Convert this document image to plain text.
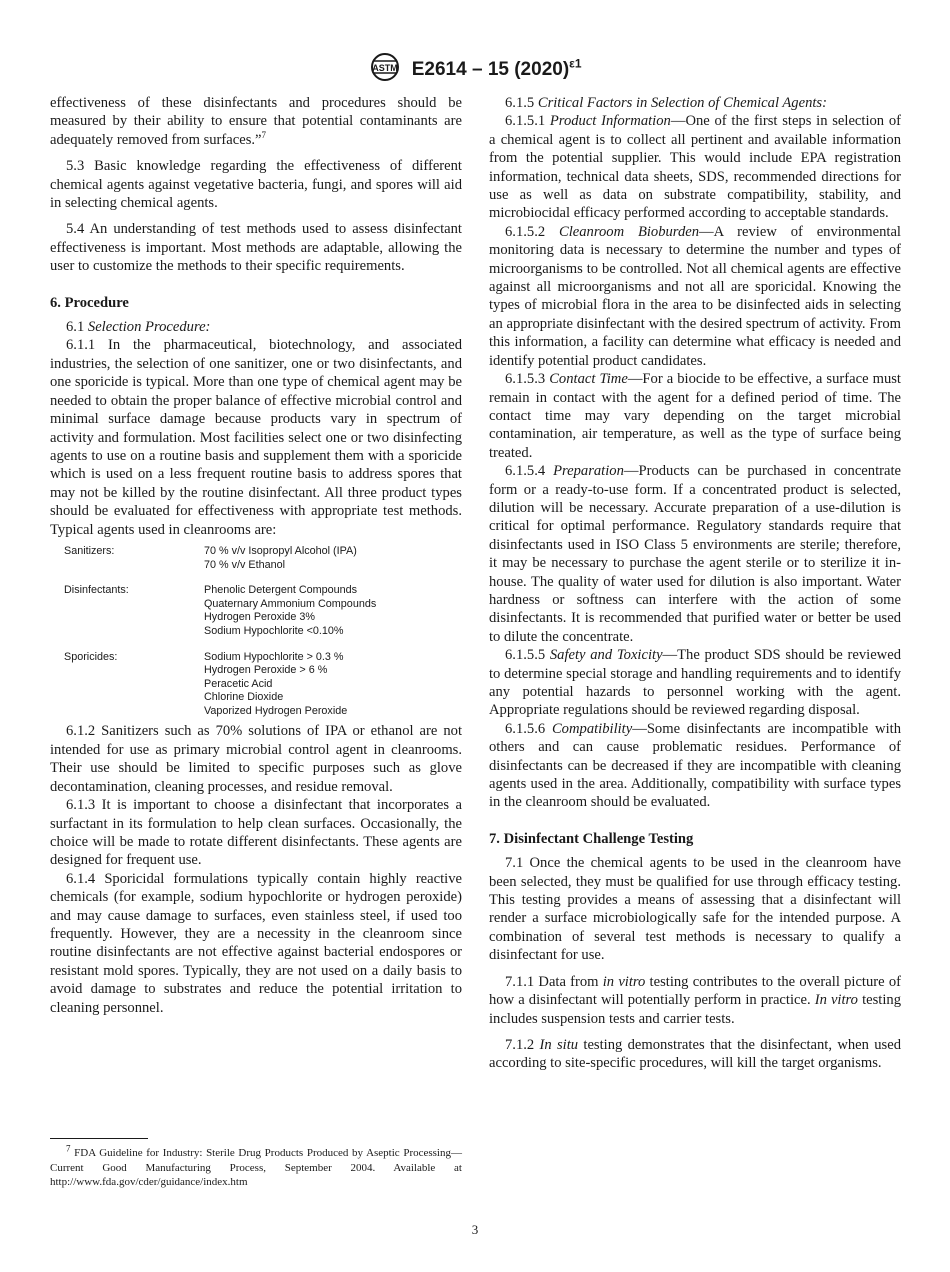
ASTM E2614 – 15 $(2020)^{\varepsilon 1}$

effectiveness of these disinfectants and procedures should be measured by their ability to ensure that potential contaminants are adequately removed from surfaces.”$^7$

5.3 Basic knowledge regarding the effectiveness of different chemical agents against vegetative bacteria, fungi, and spores will aid in selecting chemical agents.

5.4 An understanding of test methods used to assess disinfectant effectiveness is important. Most methods are adaptable, allowing the user to customize the methods to their specific requirements.

6. Procedure

6.1 Selection Procedure:

6.1.1 In the pharmaceutical, biotechnology, and associated industries, the selection of one sanitizer, one or two disinfectants, and one sporicide is typical. More than one type of chemical agent may be needed to obtain the proper balance of effective microbial control and minimal surface damage because products vary in spectrum of activity and formulation. Most facilities select one or two disinfecting agents to use on a routine basis and supplement them with a sporicide which is used on a less frequent routine basis to address spores that may not be killed by the routine disinfectant. All three product types should be evaluated for effectiveness with appropriate test methods. Typical agents used in cleanrooms are:

Sanitizers:	70 % v/v Isopropyl Alcohol (IPA)
70 % v/v Ethanol
Disinfectants:	Phenolic Detergent Compounds
Quaternary Ammonium Compounds
Hydrogen Peroxide 3%
Sodium Hypochlorite <0.10%
Sporicides:	Sodium Hypochlorite > 0.3 %
Hydrogen Peroxide > 6 %
Peracetic Acid
Chlorine Dioxide
Vaporized Hydrogen Peroxide

6.1.2 Sanitizers such as 70% solutions of IPA or ethanol are not intended for use as primary microbial control agent in cleanrooms. Their use should be limited to specific purposes such as glove decontamination, cleaning processes, and residue removal.

6.1.3 It is important to choose a disinfectant that incorporates a surfactant in its formulation to help clean surfaces. Occasionally, the choice will be made to rotate different disinfectants. These agents are designed for frequent use.

6.1.4 Sporicidal formulations typically contain highly reactive chemicals (for example, sodium hypochlorite or hydrogen peroxide) and may cause damage to surfaces, even stainless steel, if used too frequently. However, they are a necessity in the cleanroom since routine disinfectants are not effective against bacterial endospores or resistant mold spores. Typically, they are not used on a daily basis to avoid damage to substrates and reduce the potential irritation to cleaning personnel.

6.1.5 Critical Factors in Selection of Chemical Agents:

6.1.5.1 Product Information—One of the first steps in selection of a chemical agent is to collect all pertinent and available information from the potential supplier. This would include EPA registration information, technical data sheets, SDS, recommended directions for use as well as data on substrate compatibility, stability, and microbiocidal efficacy performed according to acceptable standards.

6.1.5.2 Cleanroom Bioburden—A review of environmental monitoring data is necessary to determine the number and types of microorganisms to be controlled. Not all chemical agents are effective against all microorganisms and not all are sporicidal. Knowing the types of microbial flora in the area to be disinfected aids in selecting an appropriate disinfectant with the desired spectrum of activity. From this information, a facility can determine what efficacy is needed and identify potential product candidates.

6.1.5.3 Contact Time—For a biocide to be effective, a surface must remain in contact with the agent for a defined period of time. The contact time may vary depending on the target microbial contamination, air temperature, as well as the type of surface being treated.

6.1.5.4 Preparation—Products can be purchased in concentrate form or a ready-to-use form. If a concentrated product is selected, dilution will be necessary. Accurate preparation of a use-dilution is critical for optimal performance. Regulatory standards require that disinfectants used in ISO Class 5 environments are sterile; therefore, it may be necessary to purchase the agent sterile or to sterilize it in-house. The quality of water used for dilution is also important. Water hardness or softness can interfere with the action of some disinfectants. It is recommended that purified water or better be used to dilute the concentrate.

6.1.5.5 Safety and Toxicity—The product SDS should be reviewed to determine special storage and handling requirements and to identify any potential hazards to personnel working with the agent. Appropriate regulations should be reviewed regarding disposal.

6.1.5.6 Compatibility—Some disinfectants are incompatible with others and can cause problematic residues. Performance of disinfectants can be decreased if they are incompatible with cleaning agents used in the area. Additionally, compatibility with surface types in the cleanroom should be evaluated.

7. Disinfectant Challenge Testing

7.1 Once the chemical agents to be used in the cleanroom have been selected, they must be qualified for use through efficacy testing. This testing provides a means of assessing that a disinfectant will render a surface microbiologically safe for the intended purpose. A combination of several test methods is necessary to qualify a disinfectant for use.

7.1.1 Data from in vitro testing contributes to the overall picture of how a disinfectant will potentially perform in practice. In vitro testing includes suspension tests and carrier tests.

7.1.2 In situ testing demonstrates that the disinfectant, when used according to site-specific procedures, will kill the target organisms.

$^7$ FDA Guideline for Industry: Sterile Drug Products Produced by Aseptic Processing—Current Good Manufacturing Process, September 2004. Available at http://www.fda.gov/cder/guidance/index.htm

3
